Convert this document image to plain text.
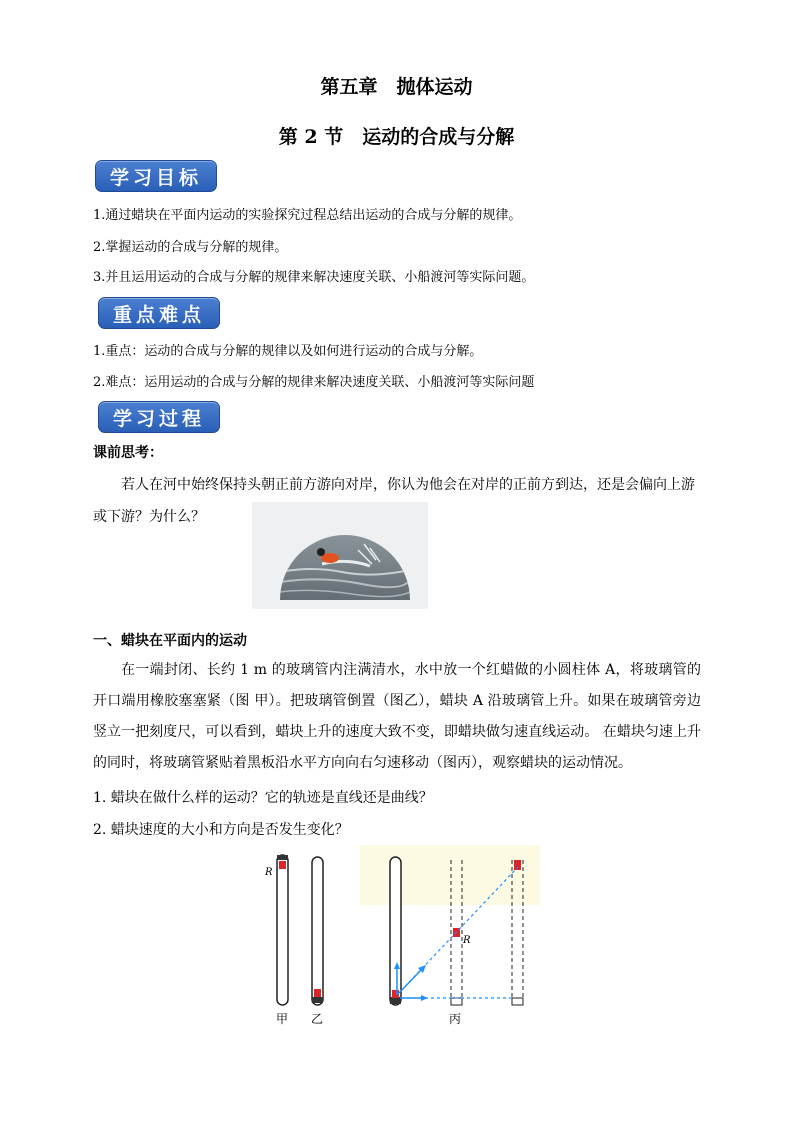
第五章　抛体运动
第 2 节　运动的合成与分解
学习目标
1.通过蜡块在平面内运动的实验探究过程总结出运动的合成与分解的规律。
2.掌握运动的合成与分解的规律。
3.并且运用运动的合成与分解的规律来解决速度关联、小船渡河等实际问题。
重点难点
1.重点：运动的合成与分解的规律以及如何进行运动的合成与分解。
2.难点：运用运动的合成与分解的规律来解决速度关联、小船渡河等实际问题
学习过程
课前思考：
若人在河中始终保持头朝正前方游向对岸，你认为他会在对岸的正前方到达，还是会偏向上游
或下游？为什么？
一、蜡块在平面内的运动
在一端封闭、长约 1 m 的玻璃管内注满清水，水中放一个红蜡做的小圆柱体 A，将玻璃管的开口端用橡胶塞塞紧（图 甲）。把玻璃管倒置（图乙），蜡块 A 沿玻璃管上升。如果在玻璃管旁边竖立一把刻度尺，可以看到，蜡块上升的速度大致不变，即蜡块做匀速直线运动。 在蜡块匀速上升的同时，将玻璃管紧贴着黑板沿水平方向向右匀速移动（图丙），观察蜡块的运动情况。
1. 蜡块在做什么样的运动？它的轨迹是直线还是曲线？
2. 蜡块速度的大小和方向是否发生变化？
R
R
甲 乙	丙
